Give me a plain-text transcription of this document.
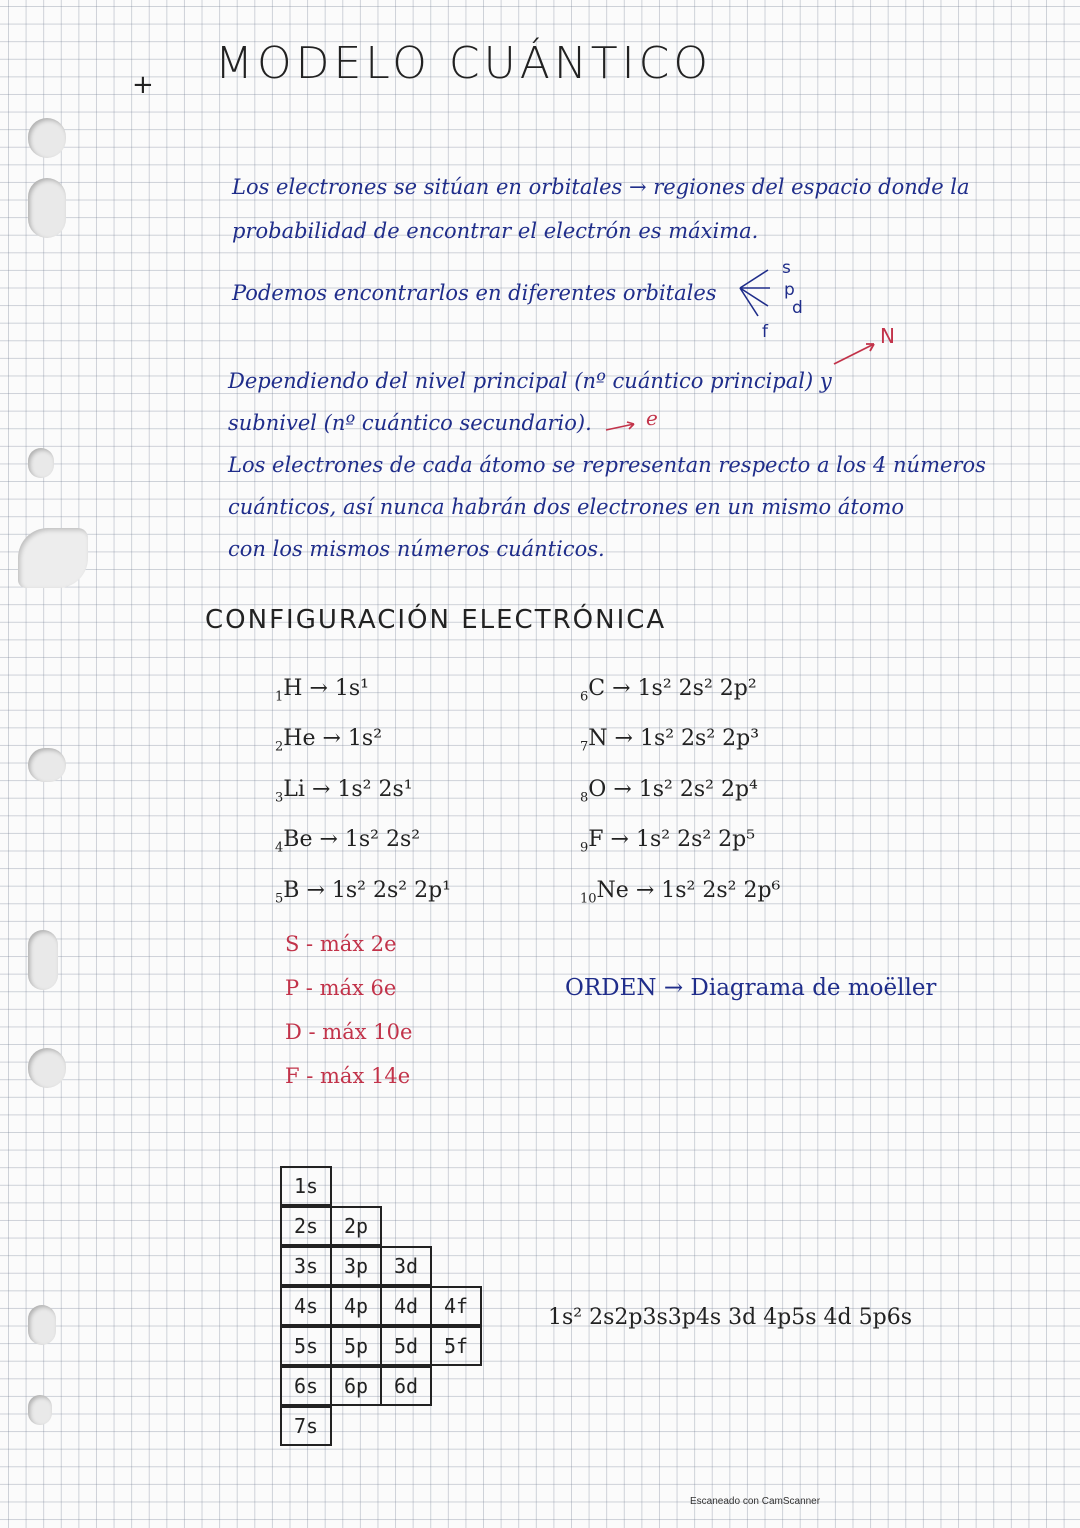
+ MODELO CUÁNTICO
Los electrones se sitúan en orbitales → regiones del espacio donde la
probabilidad de encontrar el electrón es máxima.
Podemos encontrarlos en diferentes orbitales
s
p
d
f	N
Dependiendo del nivel principal (nº cuántico principal) y
subnivel (nº cuántico secundario).	e
Los electrones de cada átomo se representan respecto a los 4 números
cuánticos, así nunca habrán dos electrones en un mismo átomo
con los mismos números cuánticos.
CONFIGURACIÓN ELECTRÓNICA
$_1$H → 1s¹
$_2$He → 1s²
$_3$Li → 1s² 2s¹
$_4$Be → 1s² 2s²
$_5$B → 1s² 2s² 2p¹
$_6$C → 1s² 2s² 2p²
$_7$N → 1s² 2s² 2p³
$_8$O → 1s² 2s² 2p⁴
$_9$F → 1s² 2s² 2p⁵
$_{10}$Ne → 1s² 2s² 2p⁶
S - máx 2e
P - máx 6e
D - máx 10e
F - máx 14e
ORDEN → Diagrama de moëller
1s
2s	2p
3s	3p	3d
4s	4p	4d	4f
5s	5p	5d	5f
6s	6p	6d
7s
1s² 2s2p3s3p4s 3d 4p5s 4d 5p6s
Escaneado con CamScanner
